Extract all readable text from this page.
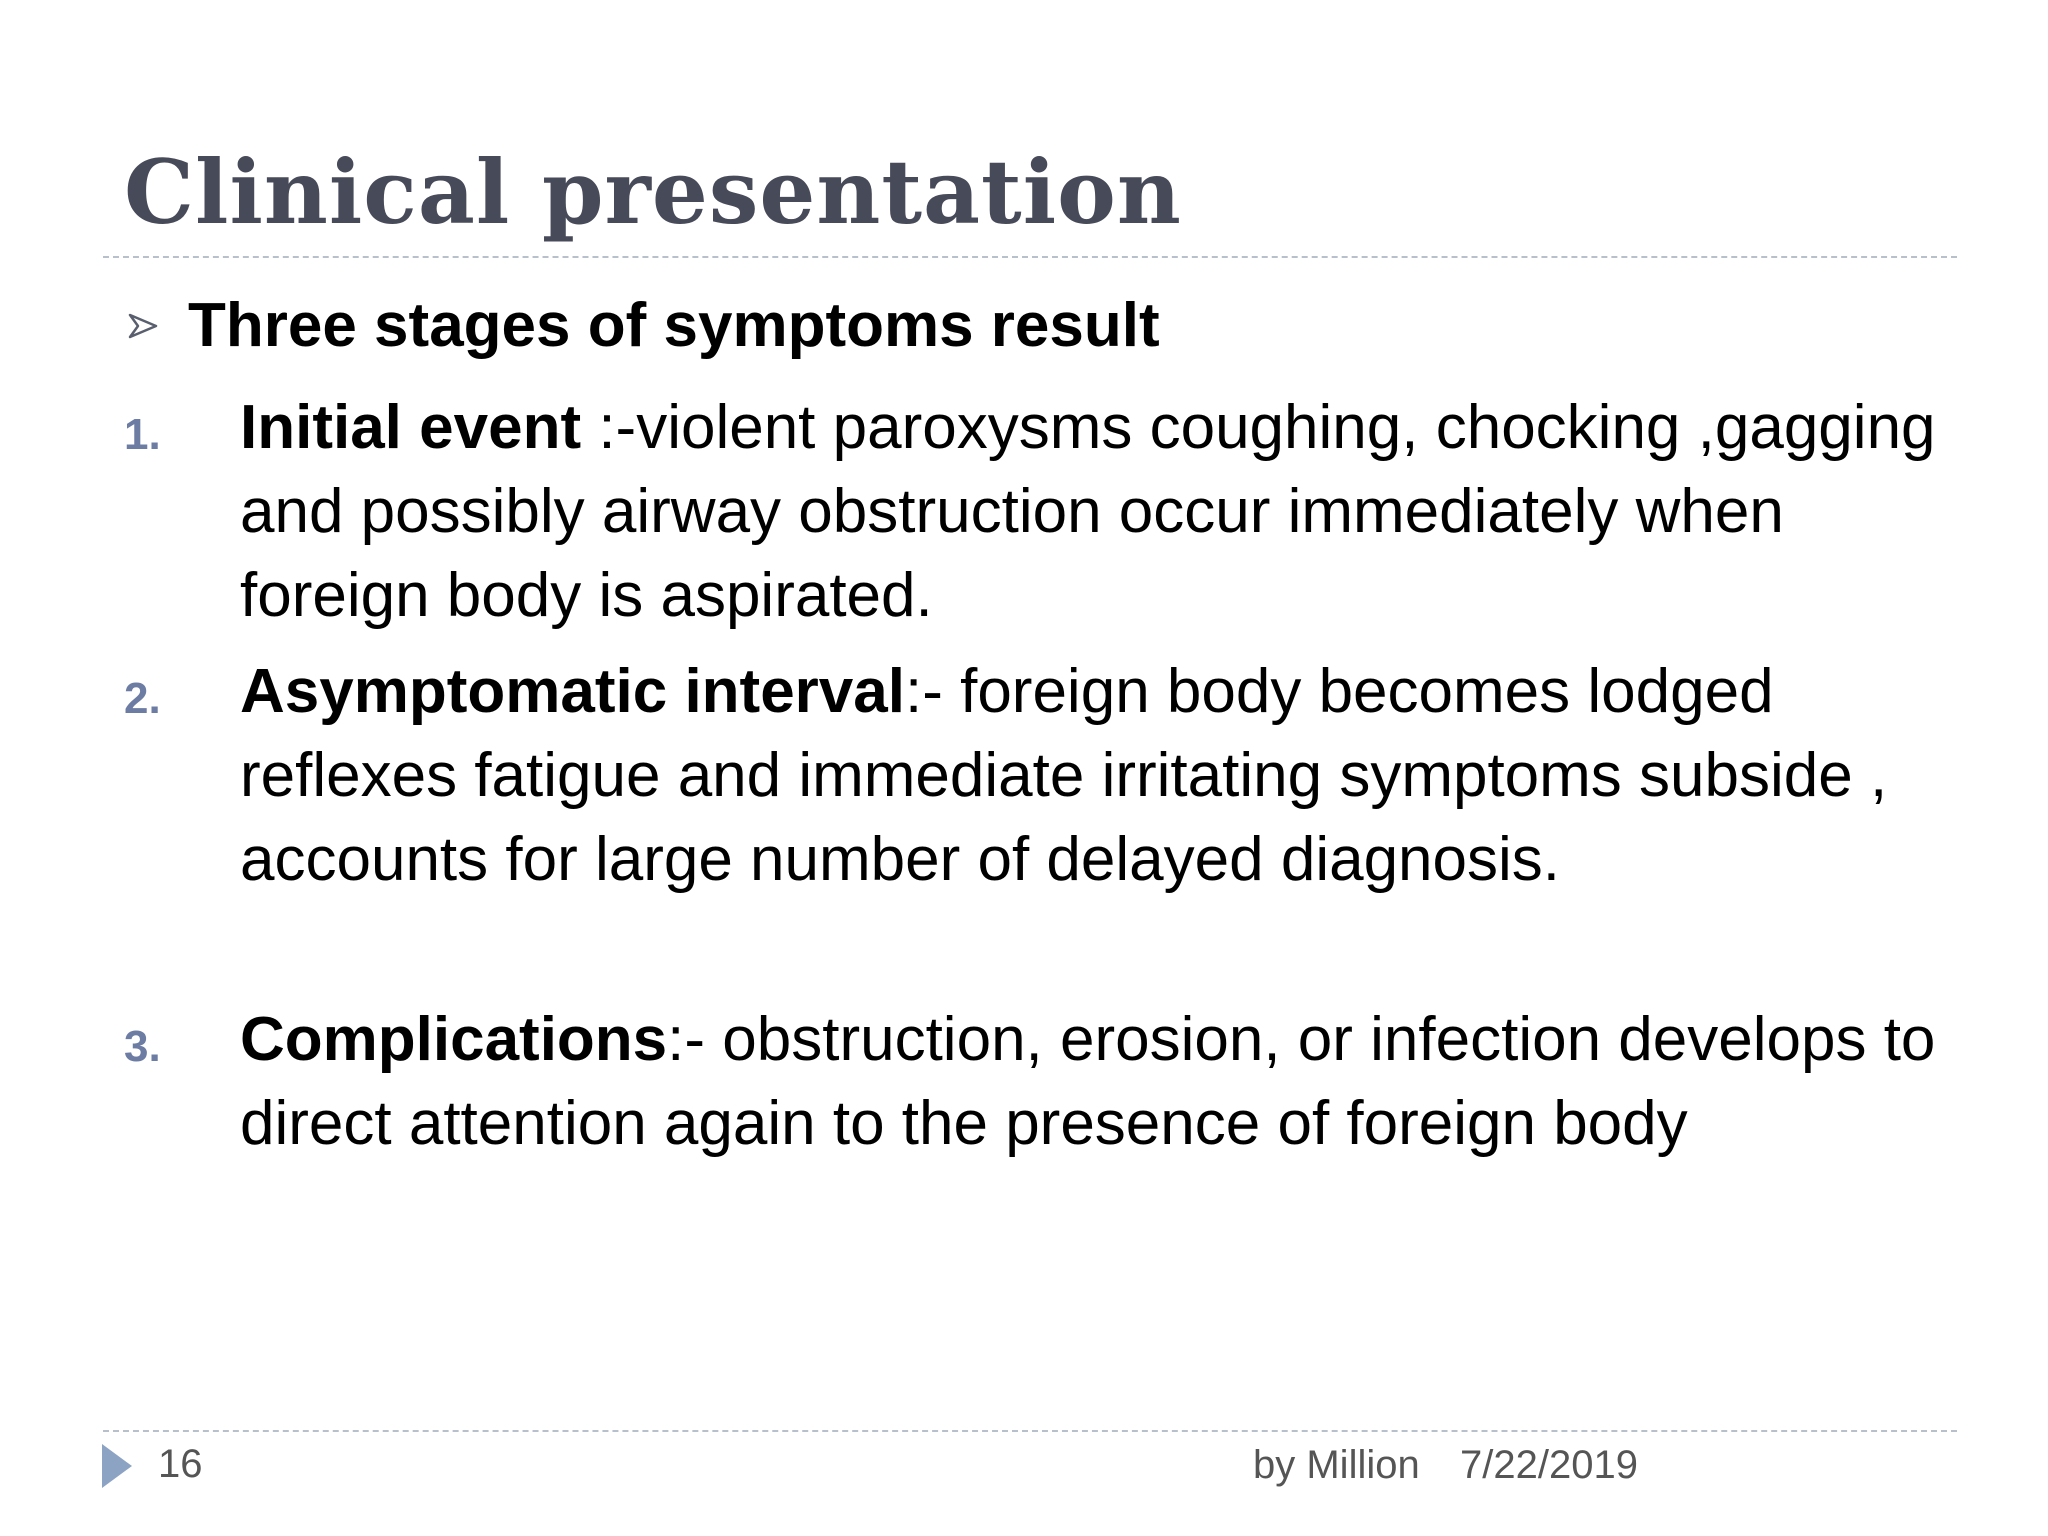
Clinical presentation
Three stages of symptoms result
1.	Initial event :-violent paroxysms coughing, chocking ,gagging and possibly airway obstruction occur immediately when foreign body is aspirated.
2.	Asymptomatic interval:- foreign body becomes lodged reflexes fatigue and immediate irritating symptoms subside , accounts for large number of delayed diagnosis.
3.	Complications:- obstruction, erosion, or infection develops to direct attention again to the presence of foreign body
16	by Million 7/22/2019
